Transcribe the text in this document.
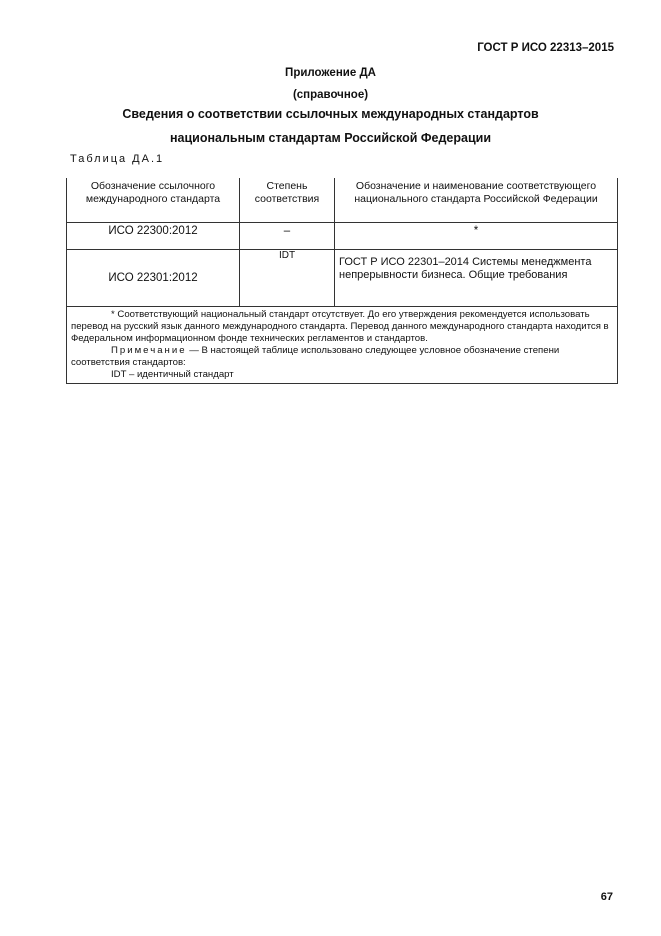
ГОСТ Р ИСО 22313–2015
Приложение ДА
(справочное)
Сведения о соответствии ссылочных международных стандартов
национальным стандартам Российской Федерации
Таблица ДА.1
Обозначение ссылочного международного стандарта	Степень соответствия	Обозначение и наименование соответствующего национального стандарта Российской Федерации
ИСО 22300:2012	–	*
ИСО 22301:2012	IDT	ГОСТ Р ИСО 22301–2014 Системы менеджмента непрерывности бизнеса. Общие требования

* Соответствующий национальный стандарт отсутствует. До его утверждения рекомендуется использовать перевод на русский язык данного международного стандарта. Перевод данного международного стандарта находится в Федеральном информационном фонде технических регламентов и стандартов.
Примечание — В настоящей таблице использовано следующее условное обозначение степени соответствия стандартов:
IDT – идентичный стандарт		
67
